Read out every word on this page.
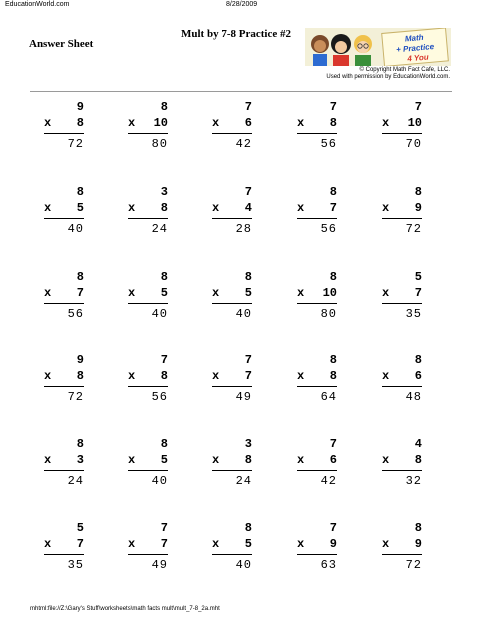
EducationWorld.com	8/28/2009
Answer Sheet
Mult by 7-8 Practice #2	Math
+ Practice
4 You
© Copyright Math Fact Cafe, LLC.
Used with permission by EducationWorld.com.
9
x 8
72
8
x 10
80
7
x 6
42
7
x 8
56
7
x 10
70
8
x 5
40
3
x 8
24
7
x 4
28
8
x 7
56
8
x 9
72
8
x 7
56
8
x 5
40
8
x 5
40
8
x 10
80
5
x 7
35
9
x 8
72
7
x 8
56
7
x 7
49
8
x 8
64
8
x 6
48
8
x 3
24
8
x 5
40
3
x 8
24
7
x 6
42
4
x 8
32
5
x 7
35
7
x 7
49
8
x 5
40
7
x 9
63
8
x 9
72
mhtml:file://Z:\Gary's Stuff\worksheets\math facts mult\mult_7-8_2a.mht
